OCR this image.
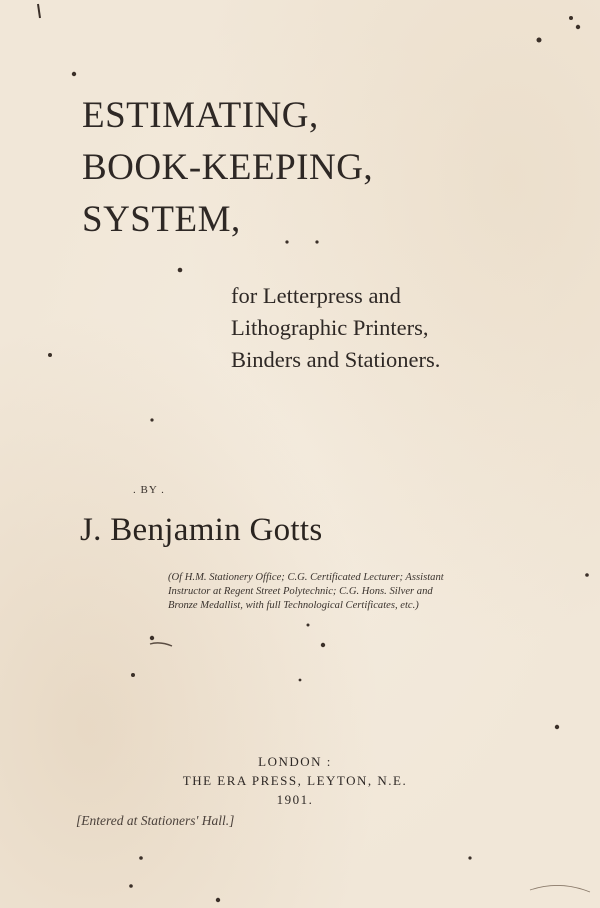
ESTIMATING,
BOOK-KEEPING,
SYSTEM,
for Letterpress and
Lithographic Printers,
Binders and Stationers.
. BY .
J. Benjamin Gotts
(Of H.M. Stationery Office; C.G. Certificated Lecturer; Assistant
Instructor at Regent Street Polytechnic; C.G. Hons. Silver and
Bronze Medallist, with full Technological Certificates, etc.)
LONDON :
THE ERA PRESS, LEYTON, N.E.
1901.
[Entered at Stationers' Hall.]
